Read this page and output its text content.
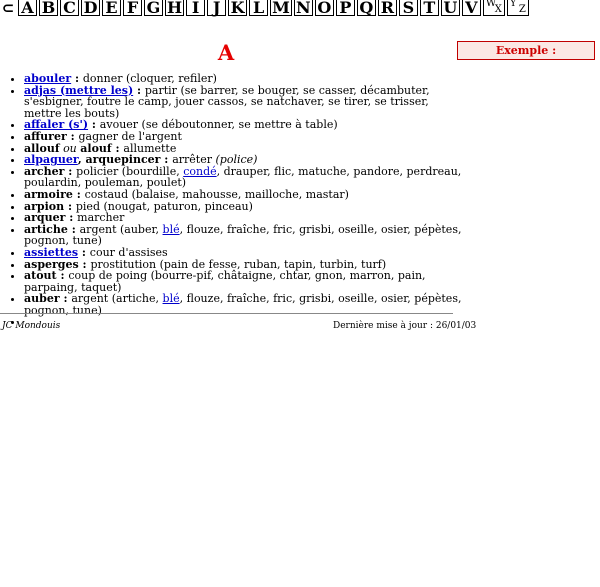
⊂ A B C D E F G H I J K L M N O P Q R S T U V W
X
Y
Z
A	Exemple :
• abouler : donner (cloquer, refiler)
• adjas (mettre les) : partir (se barrer, se bouger, se casser, décambuter, s'esbigner, foutre le camp, jouer cassos, se natchaver, se tirer, se trisser, mettre les bouts)
• affaler (s') : avouer (se déboutonner, se mettre à table)
• affurer : gagner de l'argent
• allouf ou alouf : allumette
• alpaguer, arquepincer : arrêter (police)
• archer : policier (bourdille, condé, drauper, flic, matuche, pandore, perdreau, poulardin, pouleman, poulet)
• armoire : costaud (balaise, mahousse, mailloche, mastar)
• arpion : pied (nougat, paturon, pinceau)
• arquer : marcher
• artiche : argent (auber, blé, flouze, fraîche, fric, grisbi, oseille, osier, pépètes, pognon, tune)
• assiettes : cour d'assises
• asperges : prostitution (pain de fesse, ruban, tapin, turbin, turf)
• atout : coup de poing (bourre-pif, châtaigne, chtar, gnon, marron, pain, parpaing, taquet)
• auber : argent (artiche, blé, flouze, fraîche, fric, grisbi, oseille, osier, pépètes, pognon, tune)
•
JC Mondouis	Dernière mise à jour : 26/01/03
